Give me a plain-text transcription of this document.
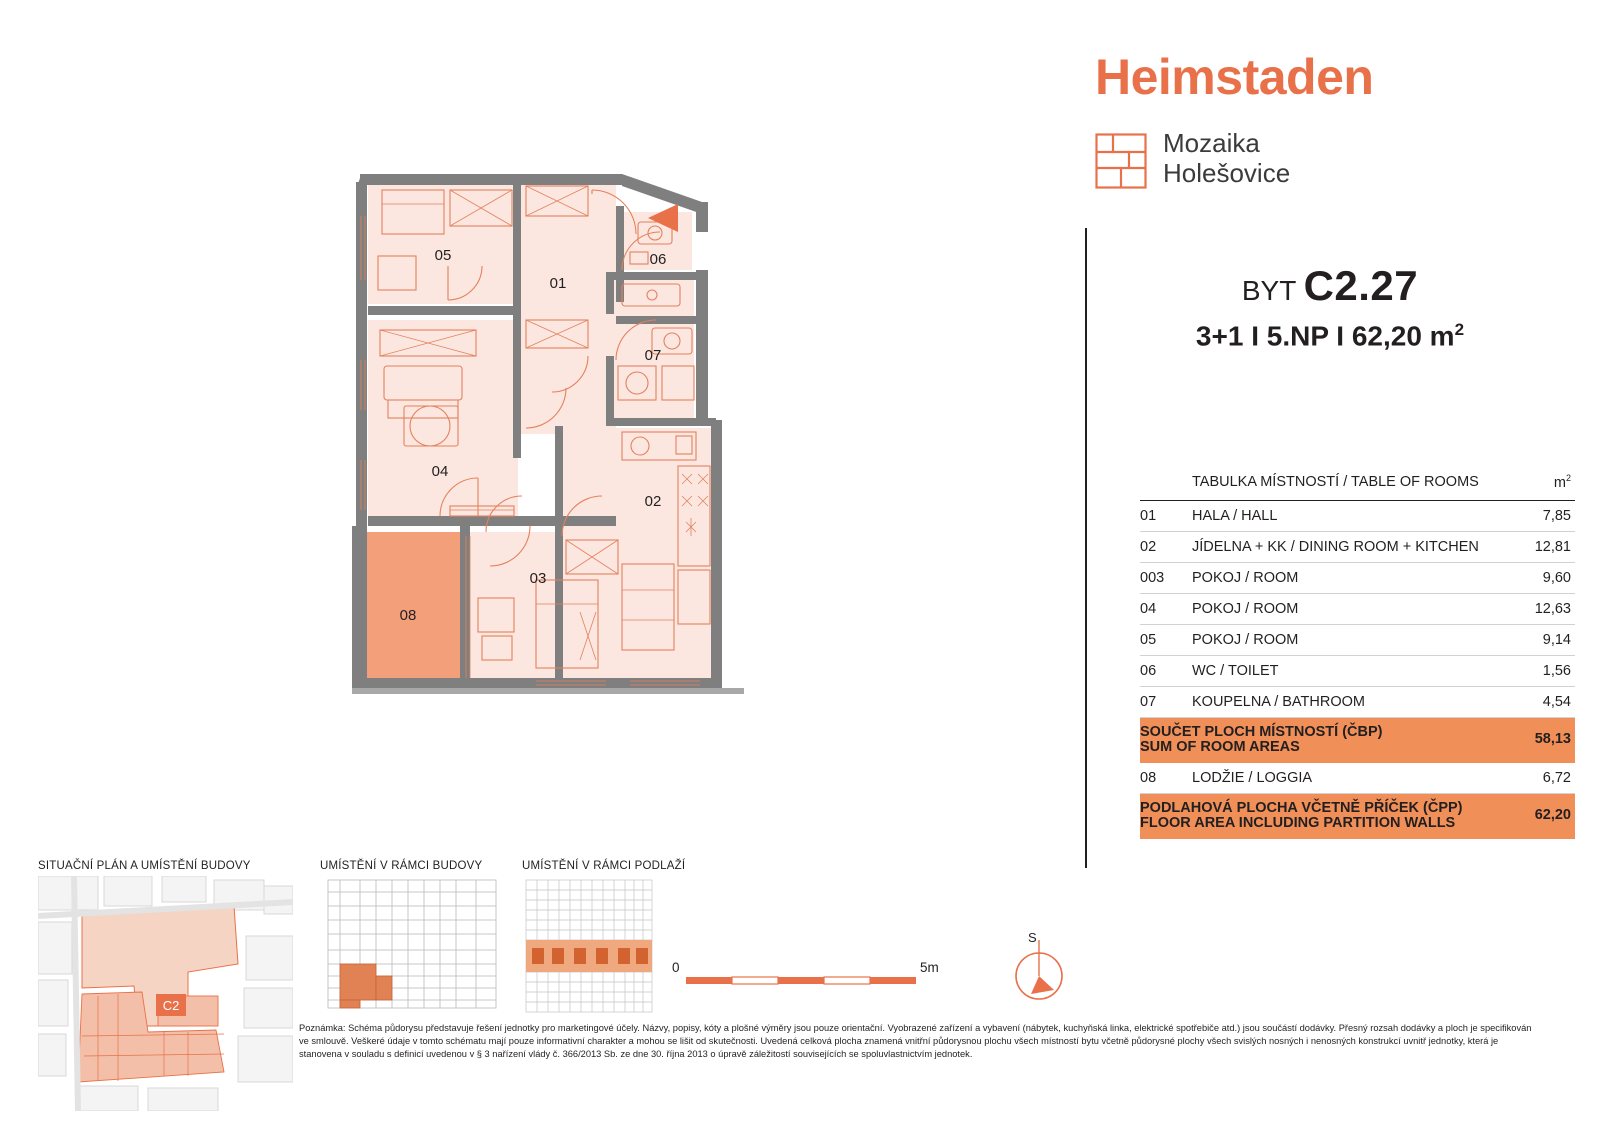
05
01
06
07
04
02
03
08
Heimstaden
Mozaika
Holešovice
BYT C2.27
3+1 I 5.NP I 62,20 $m^2$
	TABULKA MÍSTNOSTÍ / TABLE OF ROOMS	$m^2$
01	HALA / HALL	7,85
02	JÍDELNA + KK / DINING ROOM + KITCHEN	12,81
003	POKOJ / ROOM	9,60
04	POKOJ / ROOM	12,63
05	POKOJ / ROOM	9,14
06	WC / TOILET	1,56
07	KOUPELNA / BATHROOM	4,54

SOUČET PLOCH MÍSTNOSTÍ (ČBP)
SUM OF ROOM AREAS		58,13
08	LODŽIE / LOGGIA	6,72

PODLAHOVÁ PLOCHA VČETNĚ PŘÍČEK (ČPP)
FLOOR AREA INCLUDING PARTITION WALLS		62,20
SITUAČNÍ PLÁN A UMÍSTĚNÍ BUDOVY
C2
UMÍSTĚNÍ V RÁMCI BUDOVY	UMÍSTĚNÍ V RÁMCI PODLAŽÍ
0	5m
S
Poznámka: Schéma půdorysu představuje řešení jednotky pro marketingové účely. Názvy, popisy, kóty a plošné výměry jsou pouze orientační. Vyobrazené zařízení a vybavení (nábytek, kuchyňská linka, elektrické spotřebiče atd.) jsou součástí dodávky. Přesný rozsah dodávky a ploch je specifikován ve smlouvě. Veškeré údaje v tomto schématu mají pouze informativní charakter a mohou se lišit od skutečnosti. Uvedená celková plocha znamená vnitřní půdorysnou plochu všech místností bytu včetně půdorysné plochy všech svislých nosných i nenosných konstrukcí uvnitř jednotky, která je stanovena v souladu s definicí uvedenou v § 3 nařízení vlády č. 366/2013 Sb. ze dne 30. října 2013 o úpravě záležitostí souvisejících se spoluvlastnictvím jednotek.
